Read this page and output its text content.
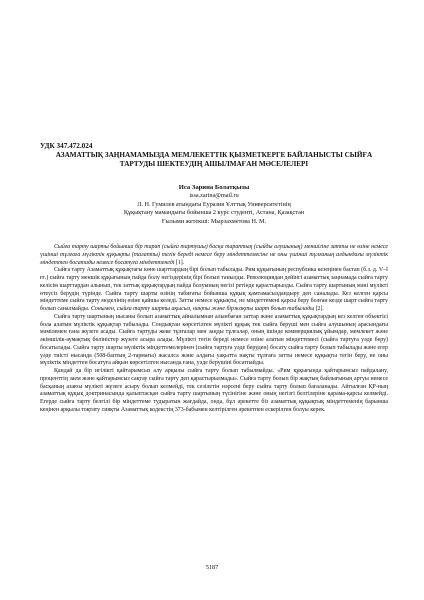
УДК 347.472.024
АЗАМАТТЫҚ ЗАҢНАМАМЫЗДА МЕМЛЕКЕТТІК ҚЫЗМЕТКЕРГЕ БАЙЛАНЫСТЫ СЫЙҒА ТАРТУДЫ ШЕКТЕУДІҢ АШЫЛМАҒАН МӘСЕЛЕЛЕРІ
Иса Зарина Болатқызы
issa.zarina@mail.ru
Л. Н. Гумилев атындағы Еуразия Ұлттық Университетінің
Құқықтану мамандығы бойынша 2 курс студенті, Астана, Қазақстан
Ғылыми жетекші: Мырзахметова Н. М.

Сыйға тарту шарты бойынша бір тарап (сыйға тартушы) басқа тараптың (сыйды алушының) меншігіне затты не өзіне немесе үшінші тұлғаға мүліктік құқықты (талапты) тегін береді немесе беру міндеттемесіне не оны үшінші тұлғаның алдындағы мүліктік міндеттен босатады немесе босатуға міндеттенеді [1].

Сыйға тарту Азаматтық құқықтағы көне шарттардың бірі болып табылады. Рим құқығының республика кезеңінен бастап (б.з. д. V–I ғғ.) сыйға тарту меншік құқығының пайда болу негіздерінің бірі болып танылды. Революциядан дейінгі азаматтық заңнамада сыйға тарту келісім шарттардан алынып, тек заттық құқықтардың пайда болуының негізі ретінде қарастырылды. Сыйға тарту шартының мәні мүлікті өтеусіз берудің түрінде. Сыйға тарту шарты өзінің табиғаты бойынша құқық қамтамасыздандыру деп саналады. Кез келген қарсы міндеттеме сыйға тарту моделінің өзіне қайшы келеді. Затты немесе құқықты, не міндеттемені қарсы беру болған кезде шарт сыйға тарту болып саналмайды. Сонымен, сыйға тарту шарты ақысыз, нақты және біржақты шарт болып табылады [2].

Сыйға тарту шартының нысаны болып азаматтық айналымнан алынбаған заттар және азаматтық құқықтардың кез келген объектісі бола алатын мүліктік құқықтар табылады. Сондықтан көрсетілген мүлікті құқық тек сыйға беруші мен сыйға алушының арасындағы мәмілемен ғана жүзеге асады. Сыйға тартуды жеке тұлғалар мен заңды тұлғалар, оның ішінде коммерциялық ұйымдар, мемлекет және әкімшілік-аумақтық бөліністер жүзеге асыра алады. Мүлікті тегін береді немесе өзіне алатын міндеттемесі (сыйға тартуға уәде беру) босатылады. Сыйға тарту шарты мүліктік міндеттемелерінен (сыйға тартуға уәде беруден) босату сыйға тарту болып табылады және егер уәде тиісті нысанда (508-баптың 2-тармағы) жасалса және алдағы уақытта нақты тұлғаға затты немесе құқықты тегін беру, не оны мүліктік міндеттен босатуға айқын көрсетілген нысанда ғана, уәде берушіні босатпайды.

Қандай да бір игілікті қайтарымсыз алу арқылы сыйға тарту болып табылмайды. «Рим құқығында қайтарымсыз пайдалану, проценттің заем және қайтарымсыз сақтау сыйға тарту деп қарастырылмады». Сыйға тарту болып бір жақтың байлығының артуы немесе басқаның азаюы мүлікті жүзеге асыру болып келмейді, тек сезілетін нәрсені беру сыйға тарту болып бағаланады. Айтылған ҚР-ның азаматтық құқық доктринасында қалыптасқан сыйға тарту шартының түсінігіне және оның негізгі белгілеріне қарама-қарсы келмейді. Егерде сыйға тарту белгілі бір міндеттеме тудыратын жағдайда, онда, бұл әрекетте біз азаматтық құқықтық міндеттеменің барынша кеңінен арқылы тоқтату сияқты Азаматтық кодекстің 373-бабымен келтірілген әрекетпен ескерілген болуы керек.

5187
